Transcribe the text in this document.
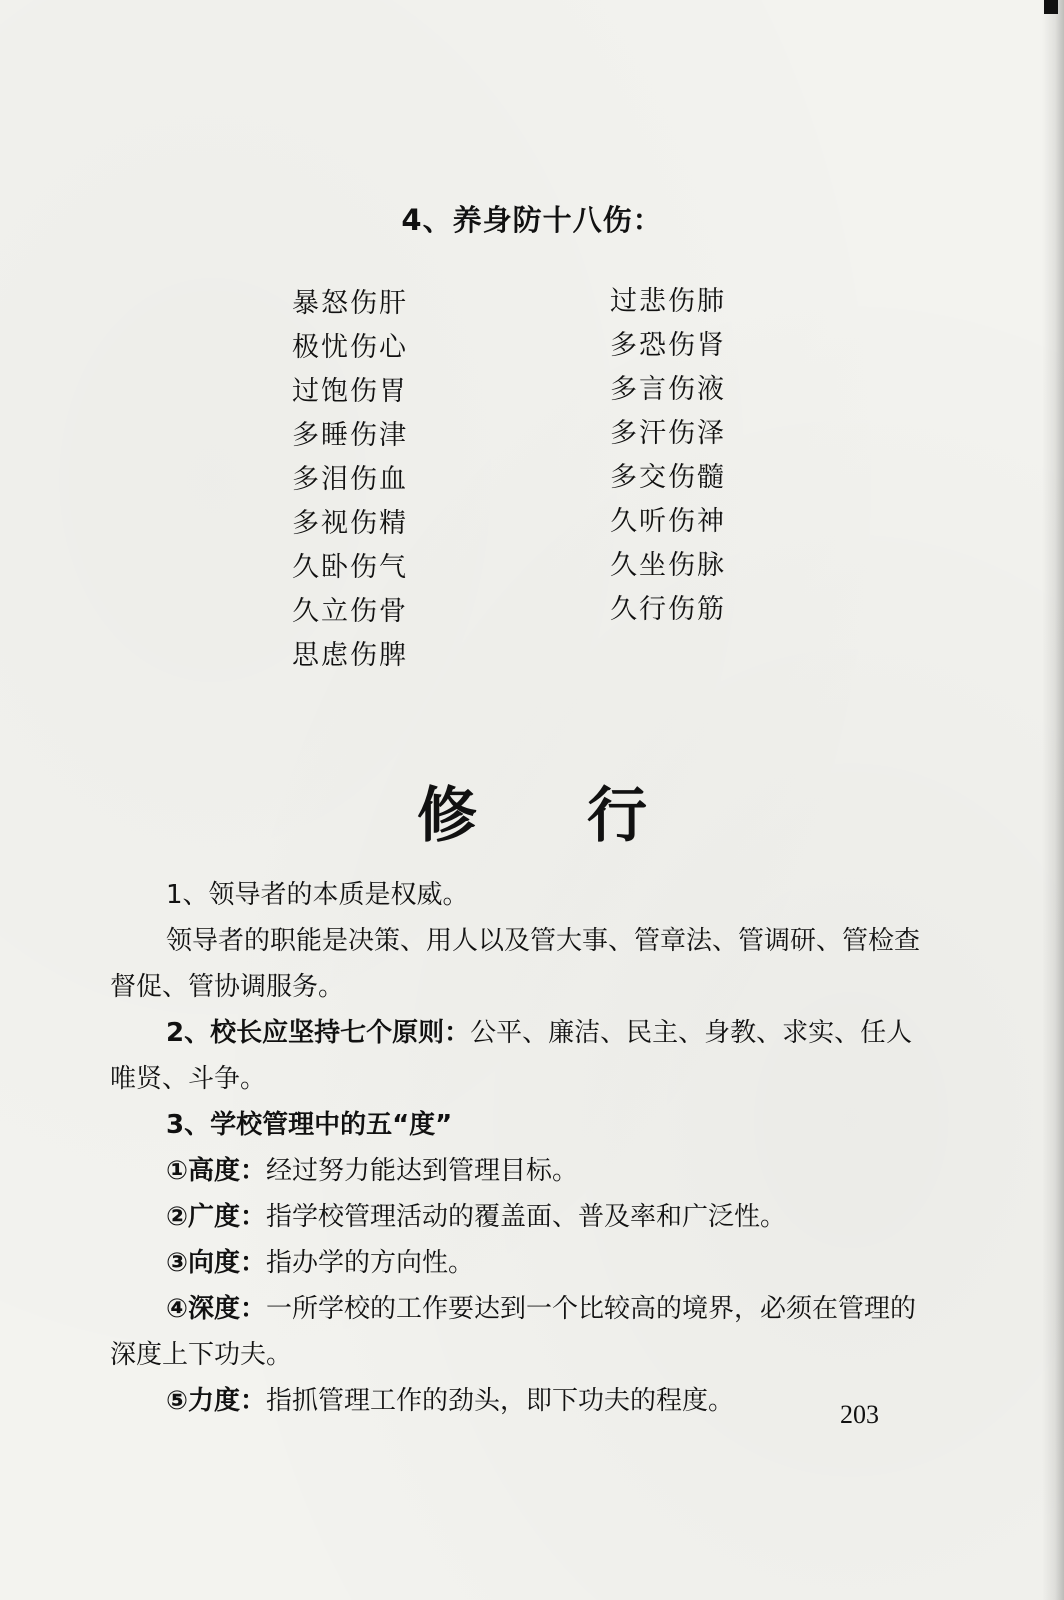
4、养身防十八伤：
暴怒伤肝
极忧伤心
过饱伤胃
多睡伤津
多泪伤血
多视伤精
久卧伤气
久立伤骨
思虑伤脾
过悲伤肺
多恐伤肾
多言伤液
多汗伤泽
多交伤髓
久听伤神
久坐伤脉
久行伤筋
修 行

1、领导者的本质是权威。

领导者的职能是决策、用人以及管大事、管章法、管调研、管检查督促、管协调服务。

2、校长应坚持七个原则：公平、廉洁、民主、身教、求实、任人唯贤、斗争。

3、学校管理中的五“度”

①高度：经过努力能达到管理目标。

②广度：指学校管理活动的覆盖面、普及率和广泛性。

③向度：指办学的方向性。

④深度：一所学校的工作要达到一个比较高的境界，必须在管理的深度上下功夫。

⑤力度：指抓管理工作的劲头，即下功夫的程度。	203
